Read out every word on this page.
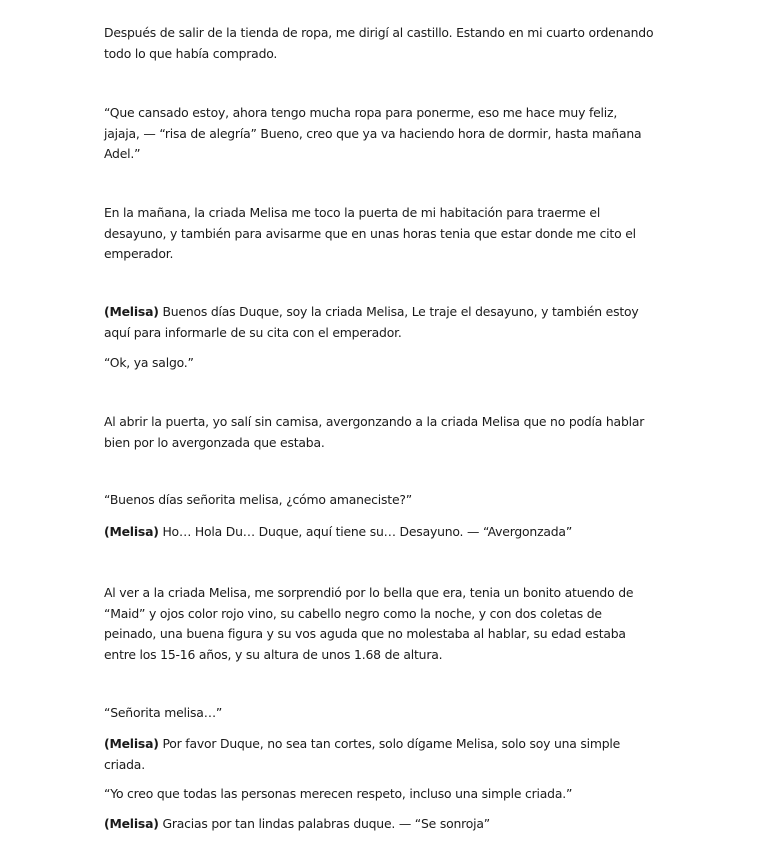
Después de salir de la tienda de ropa, me dirigí al castillo. Estando en mi cuarto ordenando
todo lo que había comprado.

“Que cansado estoy, ahora tengo mucha ropa para ponerme, eso me hace muy feliz,
jajaja, — “risa de alegría” Bueno, creo que ya va haciendo hora de dormir, hasta mañana
Adel.”

En la mañana, la criada Melisa me toco la puerta de mi habitación para traerme el
desayuno, y también para avisarme que en unas horas tenia que estar donde me cito el
emperador.

(Melisa) Buenos días Duque, soy la criada Melisa, Le traje el desayuno, y también estoy
aquí para informarle de su cita con el emperador.

“Ok, ya salgo.”

Al abrir la puerta, yo salí sin camisa, avergonzando a la criada Melisa que no podía hablar
bien por lo avergonzada que estaba.

“Buenos días señorita melisa, ¿cómo amaneciste?”

(Melisa) Ho… Hola Du… Duque, aquí tiene su… Desayuno. — “Avergonzada”

Al ver a la criada Melisa, me sorprendió por lo bella que era, tenia un bonito atuendo de
“Maid” y ojos color rojo vino, su cabello negro como la noche, y con dos coletas de
peinado, una buena figura y su vos aguda que no molestaba al hablar, su edad estaba
entre los 15-16 años, y su altura de unos 1.68 de altura.

“Señorita melisa…”

(Melisa) Por favor Duque, no sea tan cortes, solo dígame Melisa, solo soy una simple
criada.

“Yo creo que todas las personas merecen respeto, incluso una simple criada.”

(Melisa) Gracias por tan lindas palabras duque. — “Se sonroja”
